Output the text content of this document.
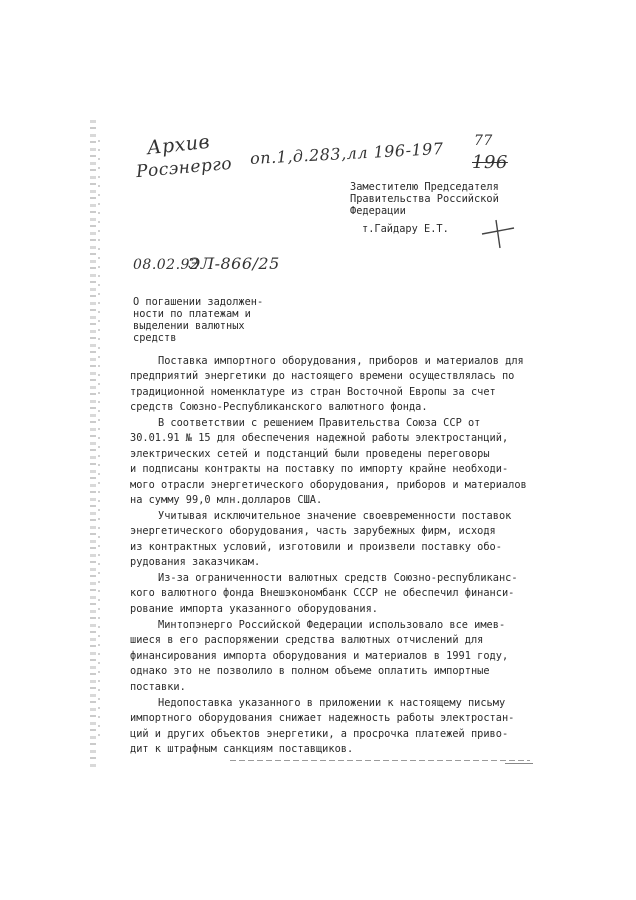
Архив
Росэнерго оп.1,д.283,лл 196-197 77
196
Заместителю Председателя
Правительства Российской
Федерации
т.Гайдару Е.Т.
08.02.92
ЭЛ-866/25
О погашении задолжен-
ности по платежам и
выделении валютных
средств
Поставка импортного оборудования, приборов и материалов для
предприятий энергетики до настоящего времени осуществлялась по
традиционной номенклатуре из стран Восточной Европы за счет
средств Союзно-Республиканского валютного фонда.
В соответствии с решением Правительства Союза ССР от
30.01.91 № 15 для обеспечения надежной работы электростанций,
электрических сетей и подстанций были проведены переговоры
и подписаны контракты на поставку по импорту крайне необходи-
мого отрасли энергетического оборудования, приборов и материалов
на сумму 99,0 млн.долларов США.
Учитывая исключительное значение своевременности поставок
энергетического оборудования, часть зарубежных фирм, исходя
из контрактных условий, изготовили и произвели поставку обо-
рудования заказчикам.
Из-за ограниченности валютных средств Союзно-республиканс-
кого валютного фонда Внешэкономбанк СССР не обеспечил финанси-
рование импорта указанного оборудования.
Минтопэнерго Российской Федерации использовало все имев-
шиеся в его распоряжении средства валютных отчислений для
финансирования импорта оборудования и материалов в 1991 году,
однако это не позволило в полном объеме оплатить импортные
поставки.
Недопоставка указанного в приложении к настоящему письму
импортного оборудования снижает надежность работы электростан-
ций и других объектов энергетики, а просрочка платежей приво-
дит к штрафным санкциям поставщиков.
